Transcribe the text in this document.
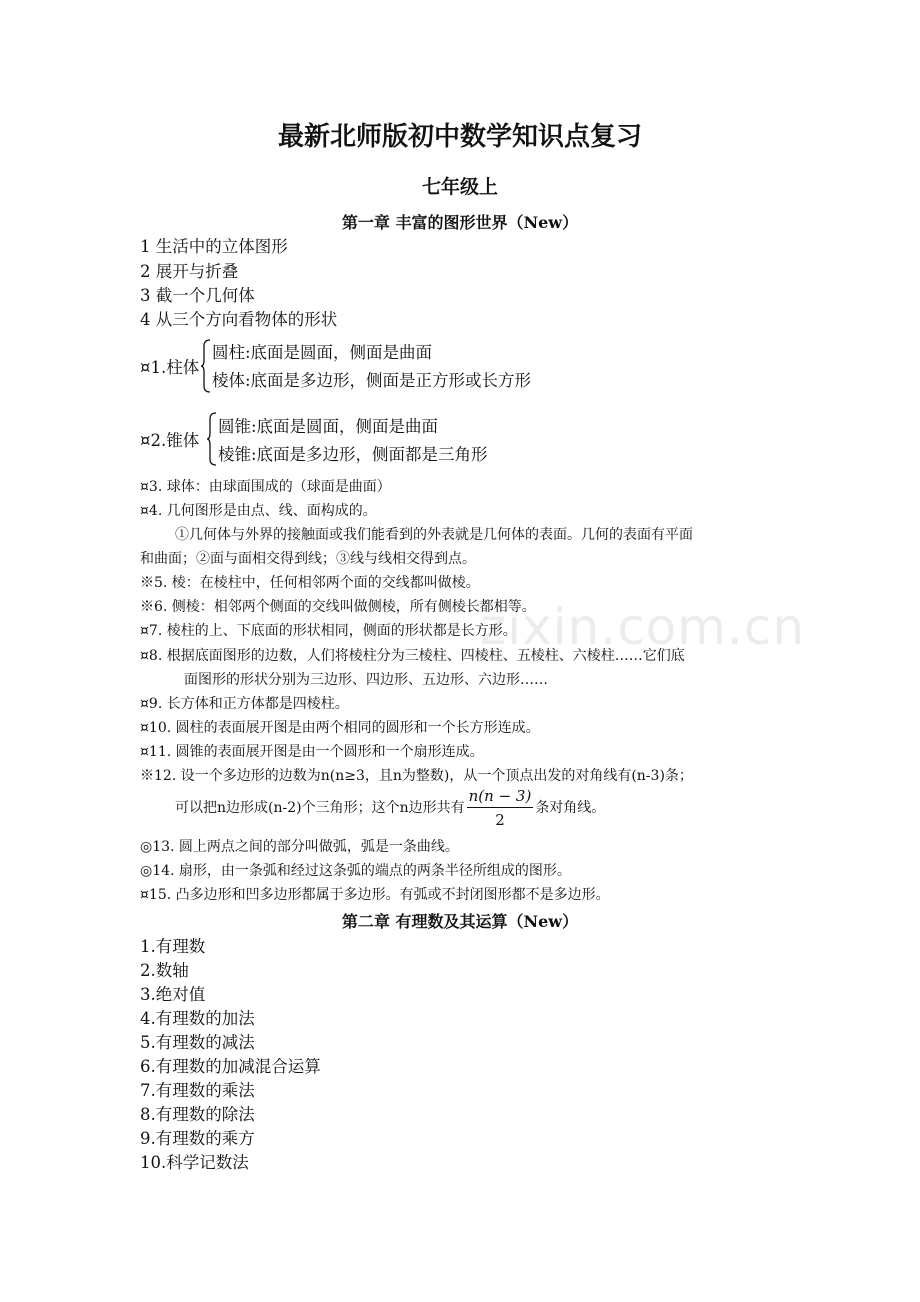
zixin.com.cn
最新北师版初中数学知识点复习
七年级上
第一章 丰富的图形世界（New）
1 生活中的立体图形
2 展开与折叠
3 截一个几何体
4 从三个方向看物体的形状
¤1.柱体
圆柱:底面是圆面，侧面是曲面
棱体:底面是多边形，侧面是正方形或长方形
¤2.锥体
圆锥:底面是圆面，侧面是曲面
棱锥:底面是多边形，侧面都是三角形
¤3. 球体：由球面围成的（球面是曲面）
¤4. 几何图形是由点、线、面构成的。
①几何体与外界的接触面或我们能看到的外表就是几何体的表面。几何的表面有平面
和曲面；②面与面相交得到线；③线与线相交得到点。
※5. 棱：在棱柱中，任何相邻两个面的交线都叫做棱。
※6. 侧棱：相邻两个侧面的交线叫做侧棱，所有侧棱长都相等。
¤7. 棱柱的上、下底面的形状相同，侧面的形状都是长方形。
¤8. 根据底面图形的边数，人们将棱柱分为三棱柱、四棱柱、五棱柱、六棱柱……它们底
面图形的形状分别为三边形、四边形、五边形、六边形……
¤9. 长方体和正方体都是四棱柱。
¤10. 圆柱的表面展开图是由两个相同的圆形和一个长方形连成。
¤11. 圆锥的表面展开图是由一个圆形和一个扇形连成。
※12. 设一个多边形的边数为n(n≥3，且n为整数)，从一个顶点出发的对角线有(n-3)条；
可以把n边形成(n-2)个三角形；这个n边形共有 $\frac{n(n - 3)}{2}$ 条对角线。
◎13. 圆上两点之间的部分叫做弧，弧是一条曲线。
◎14. 扇形，由一条弧和经过这条弧的端点的两条半径所组成的图形。
¤15. 凸多边形和凹多边形都属于多边形。有弧或不封闭图形都不是多边形。
第二章 有理数及其运算（New）
1.有理数
2.数轴
3.绝对值
4.有理数的加法
5.有理数的减法
6.有理数的加减混合运算
7.有理数的乘法
8.有理数的除法
9.有理数的乘方
10.科学记数法
